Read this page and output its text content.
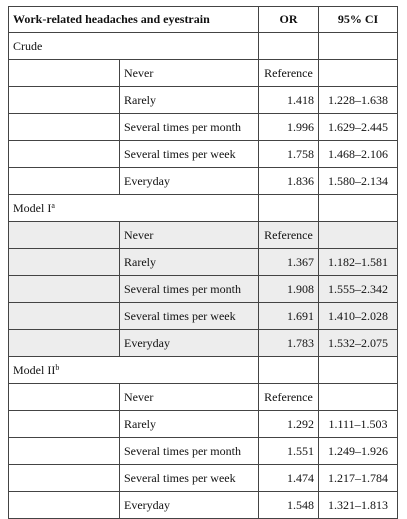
Work-related headaches and eyestrain		OR	95% CI
Crude			
	Never	Reference	
	Rarely	1.418	1.228–1.638
	Several times per month	1.996	1.629–2.445
	Several times per week	1.758	1.468–2.106
	Everyday	1.836	1.580–2.134
Model $I^a$		
	Never	Reference	
	Rarely	1.367	1.182–1.581
	Several times per month	1.908	1.555–2.342
	Several times per week	1.691	1.410–2.028
	Everyday	1.783	1.532–2.075
Model $II^b$		
	Never	Reference	
	Rarely	1.292	1.111–1.503
	Several times per month	1.551	1.249–1.926
	Several times per week	1.474	1.217–1.784
	Everyday	1.548	1.321–1.813
